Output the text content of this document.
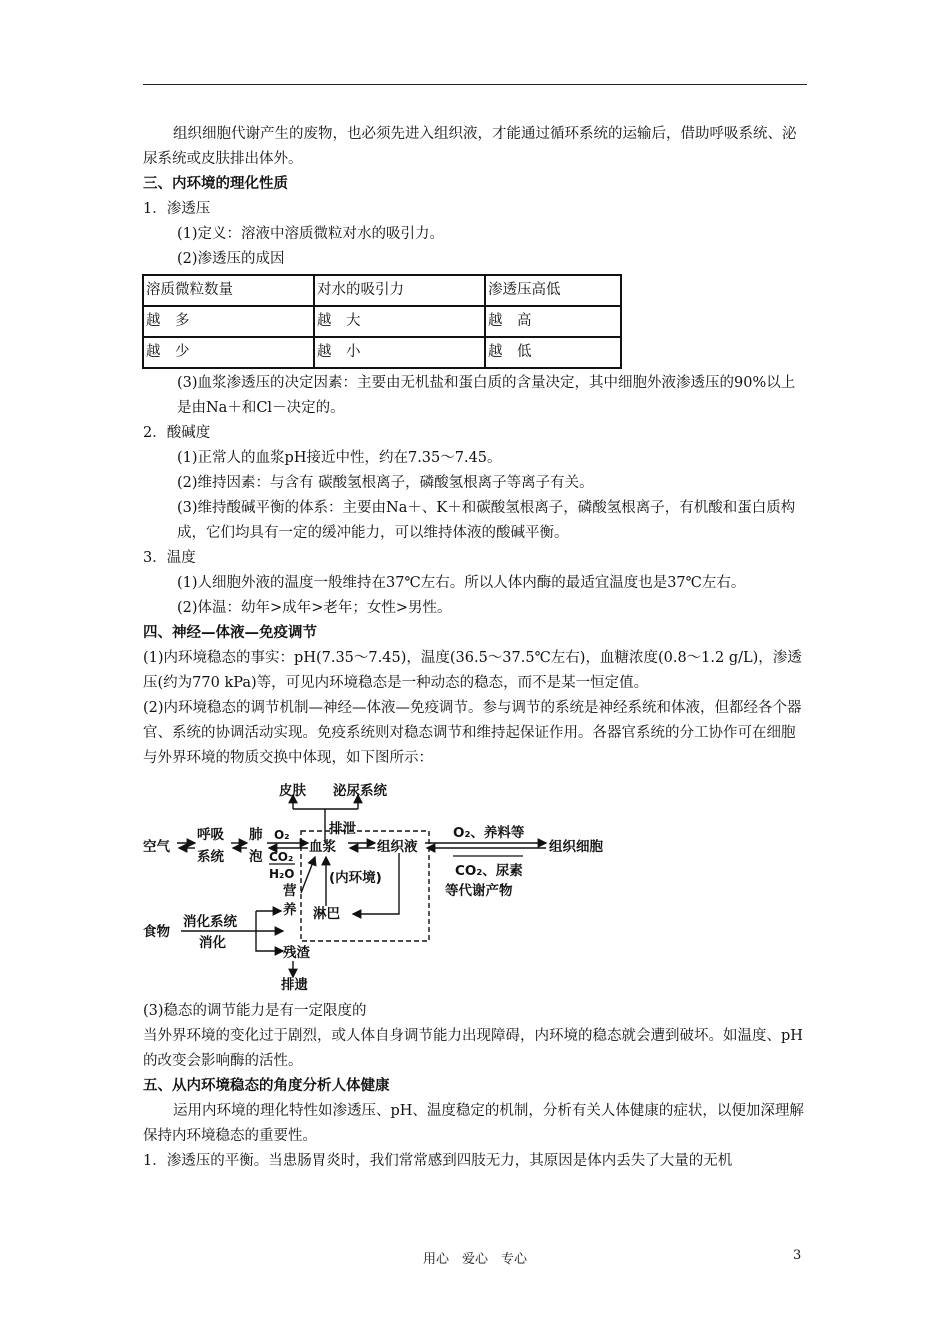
组织细胞代谢产生的废物，也必须先进入组织液，才能通过循环系统的运输后，借助呼吸系统、泌尿系统或皮肤排出体外。

三、内环境的理化性质

1．渗透压

(1)定义：溶液中溶质微粒对水的吸引力。

(2)渗透压的成因

溶质微粒数量	对水的吸引力	渗透压高低
越　多	越　大	越　高
越　少	越　小	越　低

(3)血浆渗透压的决定因素：主要由无机盐和蛋白质的含量决定，其中细胞外液渗透压的90%以上是由Na＋和Cl－决定的。

2．酸碱度

(1)正常人的血浆pH接近中性，约在7.35～7.45。

(2)维持因素：与含有 碳酸氢根离子，磷酸氢根离子等离子有关。

(3)维持酸碱平衡的体系：主要由Na＋、K＋和碳酸氢根离子，磷酸氢根离子，有机酸和蛋白质构成，它们均具有一定的缓冲能力，可以维持体液的酸碱平衡。

3．温度

(1)人细胞外液的温度一般维持在37℃左右。所以人体内酶的最适宜温度也是37℃左右。

(2)体温：幼年>成年>老年；女性>男性。

四、神经—体液—免疫调节

(1)内环境稳态的事实：pH(7.35～7.45)，温度(36.5～37.5℃左右)，血糖浓度(0.8～1.2 g/L)，渗透压(约为770 kPa)等，可见内环境稳态是一种动态的稳态，而不是某一恒定值。

(2)内环境稳态的调节机制—神经—体液—免疫调节。参与调节的系统是神经系统和体液，但都经各个器官、系统的协调活动实现。免疫系统则对稳态调节和维持起保证作用。各器官系统的分工协作可在细胞与外界环境的物质交换中体现，如下图所示：

皮肤 泌尿系统
排泄
空气
呼吸
系统
肺
泡
O₂
CO₂
H₂O
血浆	组织液
(内环境)
O₂、养料等
CO₂、尿素
等代谢产物
组织细胞
营
养 淋巴
食物
消化系统
消化
残渣
排遗

(3)稳态的调节能力是有一定限度的

当外界环境的变化过于剧烈，或人体自身调节能力出现障碍，内环境的稳态就会遭到破坏。如温度、pH的改变会影响酶的活性。

五、从内环境稳态的角度分析人体健康

运用内环境的理化特性如渗透压、pH、温度稳定的机制，分析有关人体健康的症状，以便加深理解保持内环境稳态的重要性。

1．渗透压的平衡。当患肠胃炎时，我们常常感到四肢无力，其原因是体内丢失了大量的无机

用心　爱心　专心	3
